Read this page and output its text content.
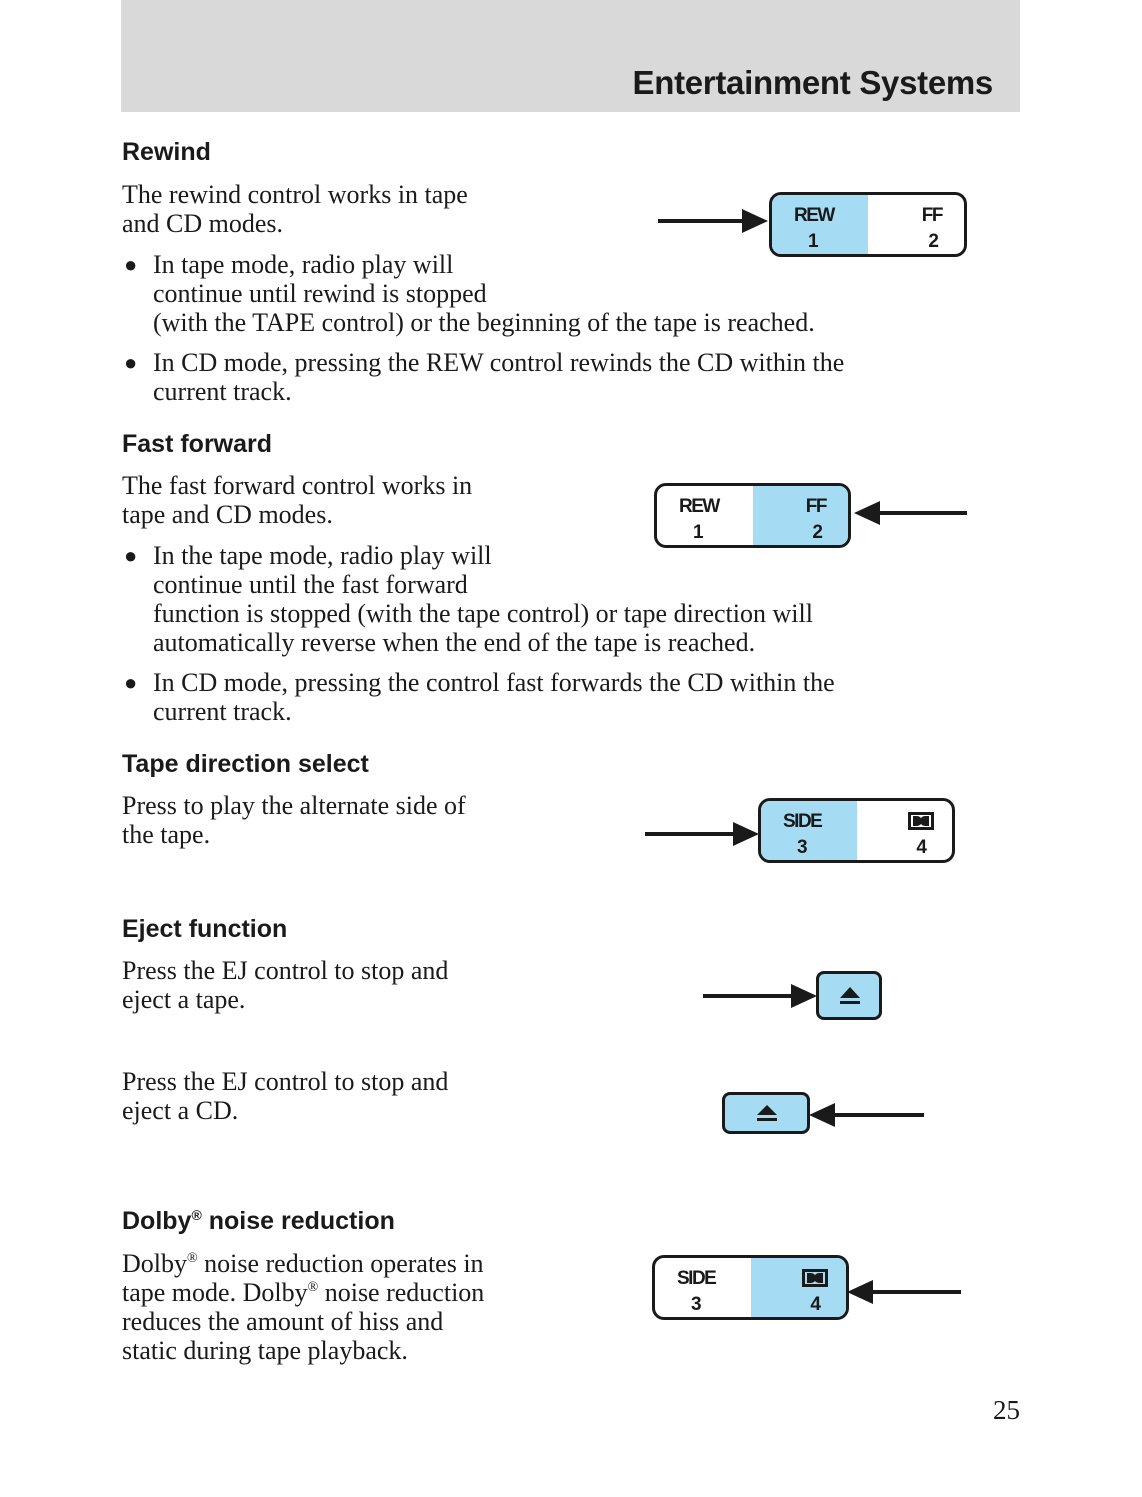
Entertainment Systems
Rewind

The rewind control works in tape
and CD modes.

● In tape mode, radio play will
continue until rewind is stopped
(with the TAPE control) or the beginning of the tape is reached.
● In CD mode, pressing the REW control rewinds the CD within the
current track.
REW
1
FF
2
Fast forward

The fast forward control works in
tape and CD modes.

● In the tape mode, radio play will
continue until the fast forward
function is stopped (with the tape control) or tape direction will
automatically reverse when the end of the tape is reached.
● In CD mode, pressing the control fast forwards the CD within the
current track.
REW
1
FF
2
Tape direction select

Press to play the alternate side of
the tape.	SIDE
3	4
Eject function

Press the EJ control to stop and
eject a tape.

Press the EJ control to stop and
eject a CD.

Dolby® noise reduction

Dolby® noise reduction operates in
tape mode. Dolby® noise reduction
reduces the amount of hiss and
static during tape playback.

SIDE
3	4
25
